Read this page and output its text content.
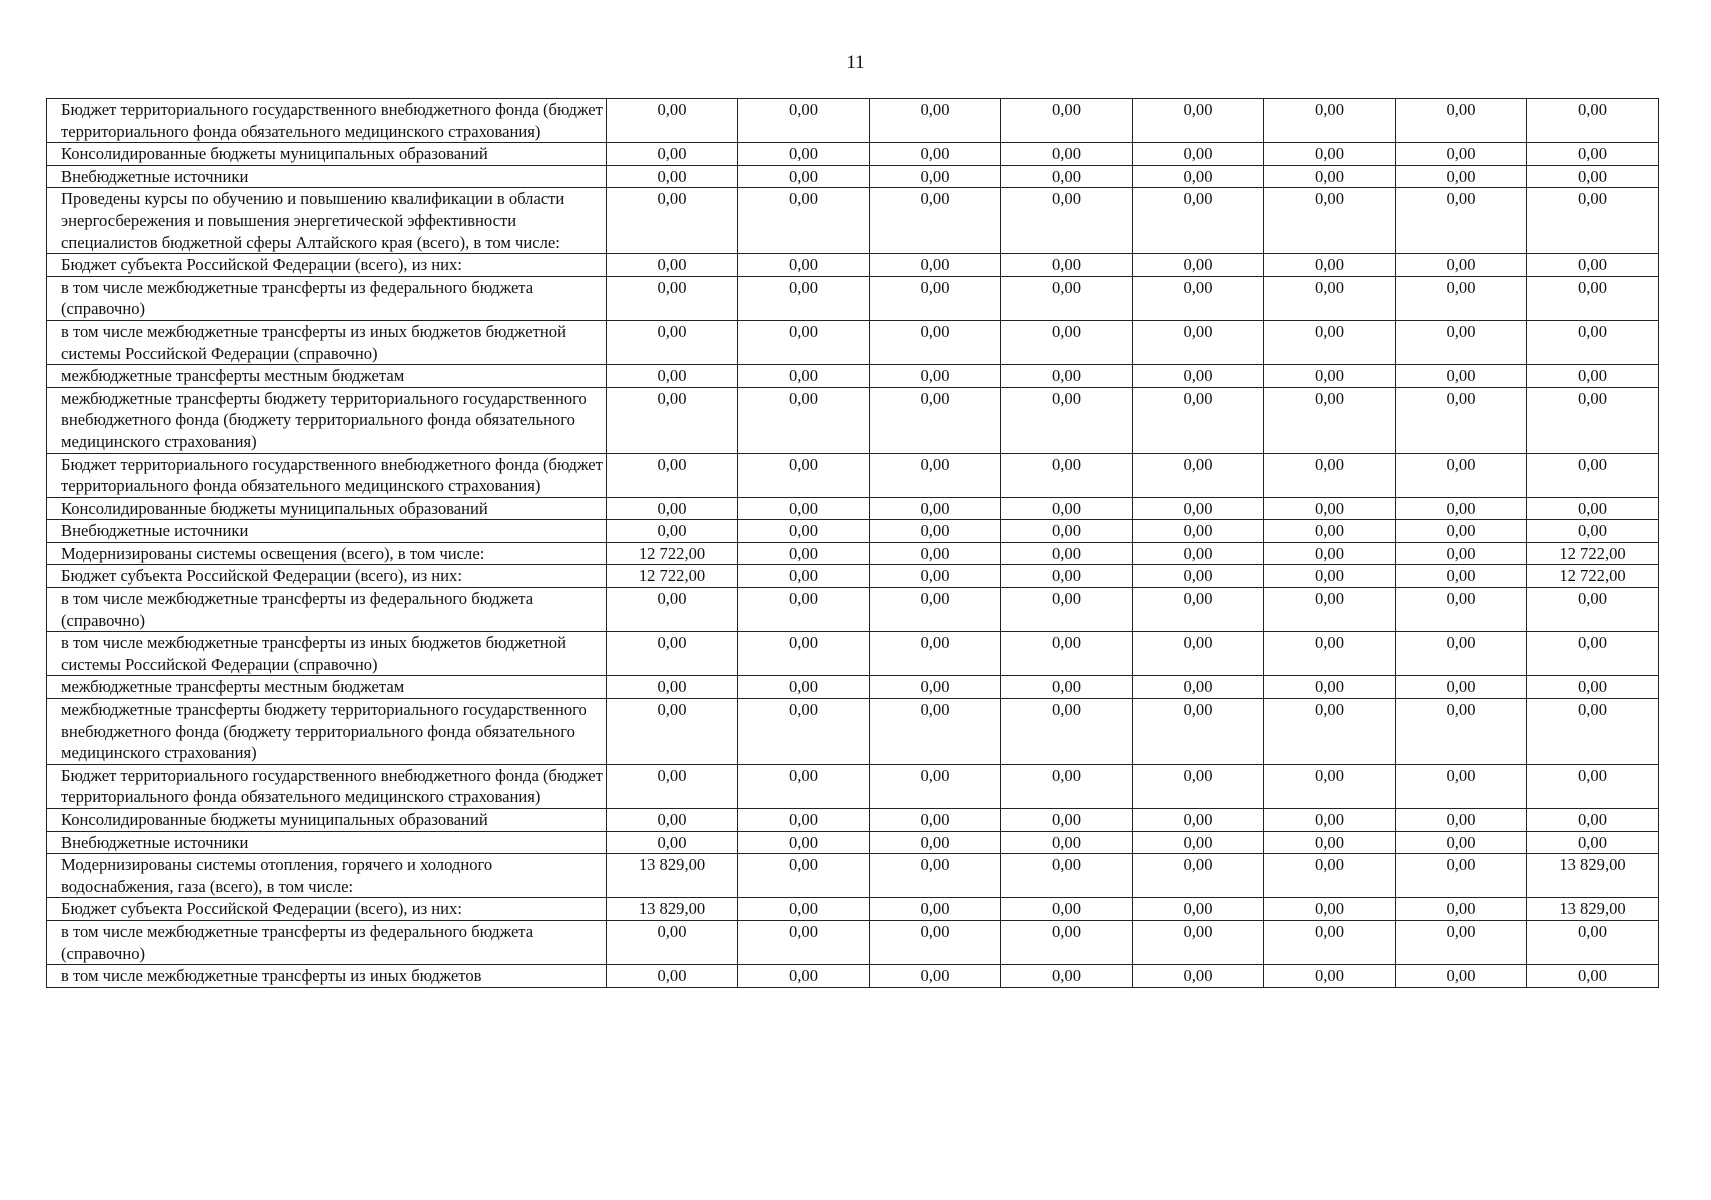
11
Бюджет территориального государственного внебюджетного фонда (бюджет территориального фонда обязательного медицинского страхования)	0,00	0,00	0,00	0,00	0,00	0,00	0,00	0,00
Консолидированные бюджеты муниципальных образований	0,00	0,00	0,00	0,00	0,00	0,00	0,00	0,00
Внебюджетные источники	0,00	0,00	0,00	0,00	0,00	0,00	0,00	0,00
Проведены курсы по обучению и повышению квалификации в области энергосбережения и повышения энергетической эффективности специалистов бюджетной сферы Алтайского края (всего), в том числе:	0,00	0,00	0,00	0,00	0,00	0,00	0,00	0,00
Бюджет субъекта Российской Федерации (всего), из них:	0,00	0,00	0,00	0,00	0,00	0,00	0,00	0,00
в том числе межбюджетные трансферты из федерального бюджета (справочно)	0,00	0,00	0,00	0,00	0,00	0,00	0,00	0,00
в том числе межбюджетные трансферты из иных бюджетов бюджетной системы Российской Федерации (справочно)	0,00	0,00	0,00	0,00	0,00	0,00	0,00	0,00
межбюджетные трансферты местным бюджетам	0,00	0,00	0,00	0,00	0,00	0,00	0,00	0,00
межбюджетные трансферты бюджету территориального государственного внебюджетного фонда (бюджету территориального фонда обязательного медицинского страхования)	0,00	0,00	0,00	0,00	0,00	0,00	0,00	0,00
Бюджет территориального государственного внебюджетного фонда (бюджет территориального фонда обязательного медицинского страхования)	0,00	0,00	0,00	0,00	0,00	0,00	0,00	0,00
Консолидированные бюджеты муниципальных образований	0,00	0,00	0,00	0,00	0,00	0,00	0,00	0,00
Внебюджетные источники	0,00	0,00	0,00	0,00	0,00	0,00	0,00	0,00
Модернизированы системы освещения (всего), в том числе:	12 722,00	0,00	0,00	0,00	0,00	0,00	0,00	12 722,00
Бюджет субъекта Российской Федерации (всего), из них:	12 722,00	0,00	0,00	0,00	0,00	0,00	0,00	12 722,00
в том числе межбюджетные трансферты из федерального бюджета (справочно)	0,00	0,00	0,00	0,00	0,00	0,00	0,00	0,00
в том числе межбюджетные трансферты из иных бюджетов бюджетной системы Российской Федерации (справочно)	0,00	0,00	0,00	0,00	0,00	0,00	0,00	0,00
межбюджетные трансферты местным бюджетам	0,00	0,00	0,00	0,00	0,00	0,00	0,00	0,00
межбюджетные трансферты бюджету территориального государственного внебюджетного фонда (бюджету территориального фонда обязательного медицинского страхования)	0,00	0,00	0,00	0,00	0,00	0,00	0,00	0,00
Бюджет территориального государственного внебюджетного фонда (бюджет территориального фонда обязательного медицинского страхования)	0,00	0,00	0,00	0,00	0,00	0,00	0,00	0,00
Консолидированные бюджеты муниципальных образований	0,00	0,00	0,00	0,00	0,00	0,00	0,00	0,00
Внебюджетные источники	0,00	0,00	0,00	0,00	0,00	0,00	0,00	0,00
Модернизированы системы отопления, горячего и холодного водоснабжения, газа (всего), в том числе:	13 829,00	0,00	0,00	0,00	0,00	0,00	0,00	13 829,00
Бюджет субъекта Российской Федерации (всего), из них:	13 829,00	0,00	0,00	0,00	0,00	0,00	0,00	13 829,00
в том числе межбюджетные трансферты из федерального бюджета (справочно)	0,00	0,00	0,00	0,00	0,00	0,00	0,00	0,00
в том числе межбюджетные трансферты из иных бюджетов	0,00	0,00	0,00	0,00	0,00	0,00	0,00	0,00
